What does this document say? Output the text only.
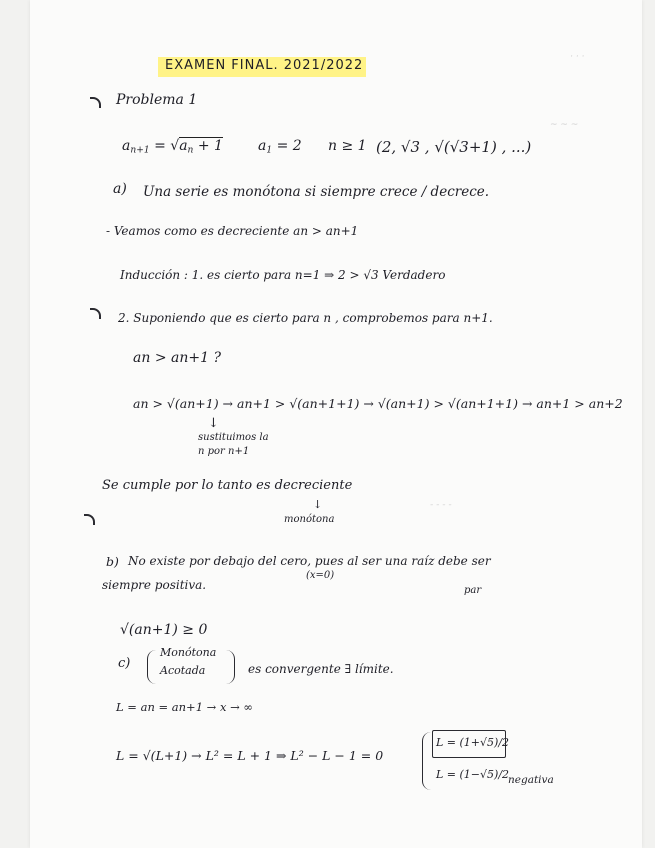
· · ·
~ ~ ~
- - - -
EXAMEN FINAL. 2021/2022
Problema 1
$a_{n+1} = √a_n + 1$	$a_1 = 2$ n ≥ 1 (2, √3 , √(√3+1) , ...)
a) Una serie es monótona si siempre crece / decrece.
- Veamos como es decreciente an > an+1
Inducción : 1. es cierto para n=1 ⇒ 2 > √3 Verdadero
2. Suponiendo que es cierto para n , comprobemos para n+1.
an > an+1 ?
an > √(an+1) → an+1 > √(an+1+1) → √(an+1) > √(an+1+1) → an+1 > an+2
↓
sustituimos la
n por n+1
Se cumple por lo tanto es decreciente
↓
monótona
b) No existe por debajo del cero, pues al ser una raíz debe ser
(x=0)
par
siempre positiva.
√(an+1) ≥ 0
c)
Monótona
Acotada	es convergente ∃ límite.
L = an = an+1 → x → ∞
L = √(L+1) → L² = L + 1 ⇒ L² − L − 1 = 0
L = (1+√5)/2
L = (1−√5)/2
negativa
